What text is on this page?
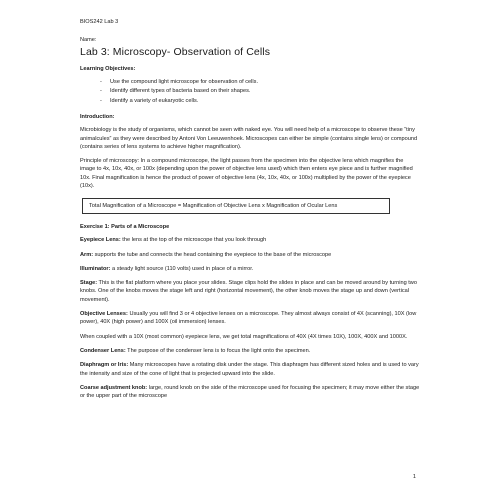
BIOS242 Lab 3
Name:
Lab 3: Microscopy- Observation of Cells
Learning Objectives:
- Use the compound light microscope for observation of cells.
- Identify different types of bacteria based on their shapes.
- Identify a variety of eukaryotic cells.
Introduction:

Microbiology is the study of organisms, which cannot be seen with naked eye. You will need help of a microscope to observe these “tiny animalcules” as they were described by Antoni Von Leeuwenhoek. Microscopes can either be simple (contains single lens) or compound (contains series of lens systems to achieve higher magnification).

Principle of microscopy: In a compound microscope, the light passes from the specimen into the objective lens which magnifies the image to 4x, 10x, 40x, or 100x (depending upon the power of objective lens used) which then enters eye piece and is further magnified 10x. Final magnification is hence the product of power of objective lens (4x, 10x, 40x, or 100x) multiplied by the power of the eyepiece (10x).

Total Magnification of a Microscope = Magnification of Objective Lens x Magnification of Ocular Lens
Exercise 1: Parts of a Microscope

Eyepiece Lens: the lens at the top of the microscope that you look through

Arm: supports the tube and connects the head containing the eyepiece to the base of the microscope

Illuminator: a steady light source (110 volts) used in place of a mirror.

Stage: This is the flat platform where you place your slides. Stage clips hold the slides in place and can be moved around by turning two knobs. One of the knobs moves the stage left and right (horizontal movement), the other knob moves the stage up and down (vertical movement).

Objective Lenses: Usually you will find 3 or 4 objective lenses on a microscope. They almost always consist of 4X (scanning), 10X (low power), 40X (high power) and 100X (oil immersion) lenses.

When coupled with a 10X (most common) eyepiece lens, we get total magnifications of 40X (4X times 10X), 100X, 400X and 1000X.

Condenser Lens: The purpose of the condenser lens is to focus the light onto the specimen.

Diaphragm or Iris: Many microscopes have a rotating disk under the stage. This diaphragm has different sized holes and is used to vary the intensity and size of the cone of light that is projected upward into the slide.

Coarse adjustment knob: large, round knob on the side of the microscope used for focusing the specimen; it may move either the stage or the upper part of the microscope

1
